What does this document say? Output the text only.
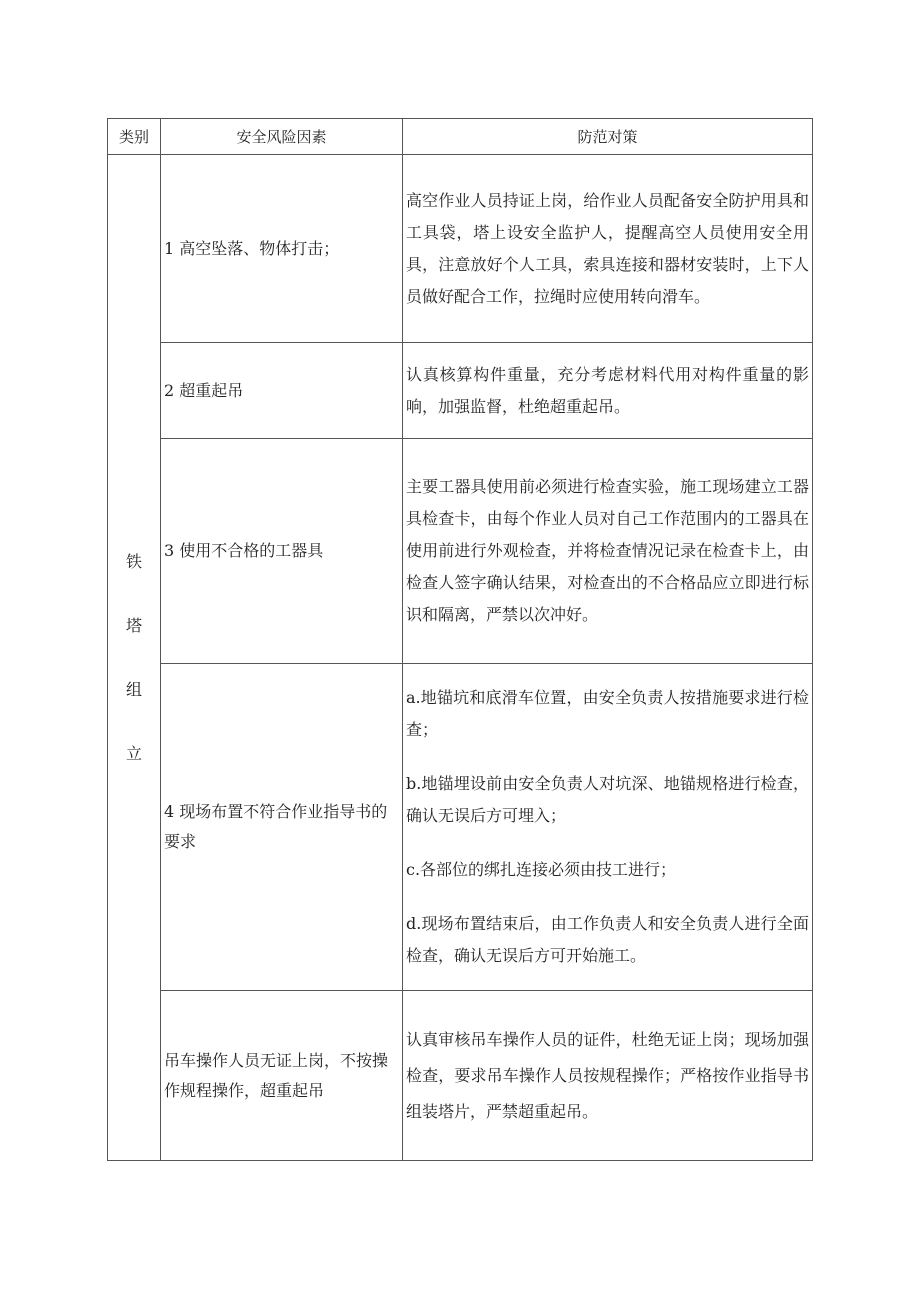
类别	安全风险因素	防范对策

铁
塔
组
立	1 高空坠落、物体打击；	高空作业人员持证上岗，给作业人员配备安全防护用具和工具袋，塔上设安全监护人，提醒高空人员使用安全用具，注意放好个人工具，索具连接和器材安装时，上下人员做好配合工作，拉绳时应使用转向滑车。

	2 超重起吊	认真核算构件重量，充分考虑材料代用对构件重量的影响，加强监督，杜绝超重起吊。

	3 使用不合格的工器具	主要工器具使用前必须进行检查实验，施工现场建立工器具检查卡，由每个作业人员对自己工作范围内的工器具在使用前进行外观检查，并将检查情况记录在检查卡上，由检查人签字确认结果，对检查出的不合格品应立即进行标识和隔离，严禁以次冲好。

	4 现场布置不符合作业指导书的要求	a.地锚坑和底滑车位置，由安全负责人按措施要求进行检查；

b.地锚埋设前由安全负责人对坑深、地锚规格进行检查，确认无误后方可埋入；

c.各部位的绑扎连接必须由技工进行；

d.现场布置结束后，由工作负责人和安全负责人进行全面检查，确认无误后方可开始施工。

	吊车操作人员无证上岗，不按操作规程操作，超重起吊	认真审核吊车操作人员的证件，杜绝无证上岗；现场加强检查，要求吊车操作人员按规程操作；严格按作业指导书组装塔片，严禁超重起吊。
